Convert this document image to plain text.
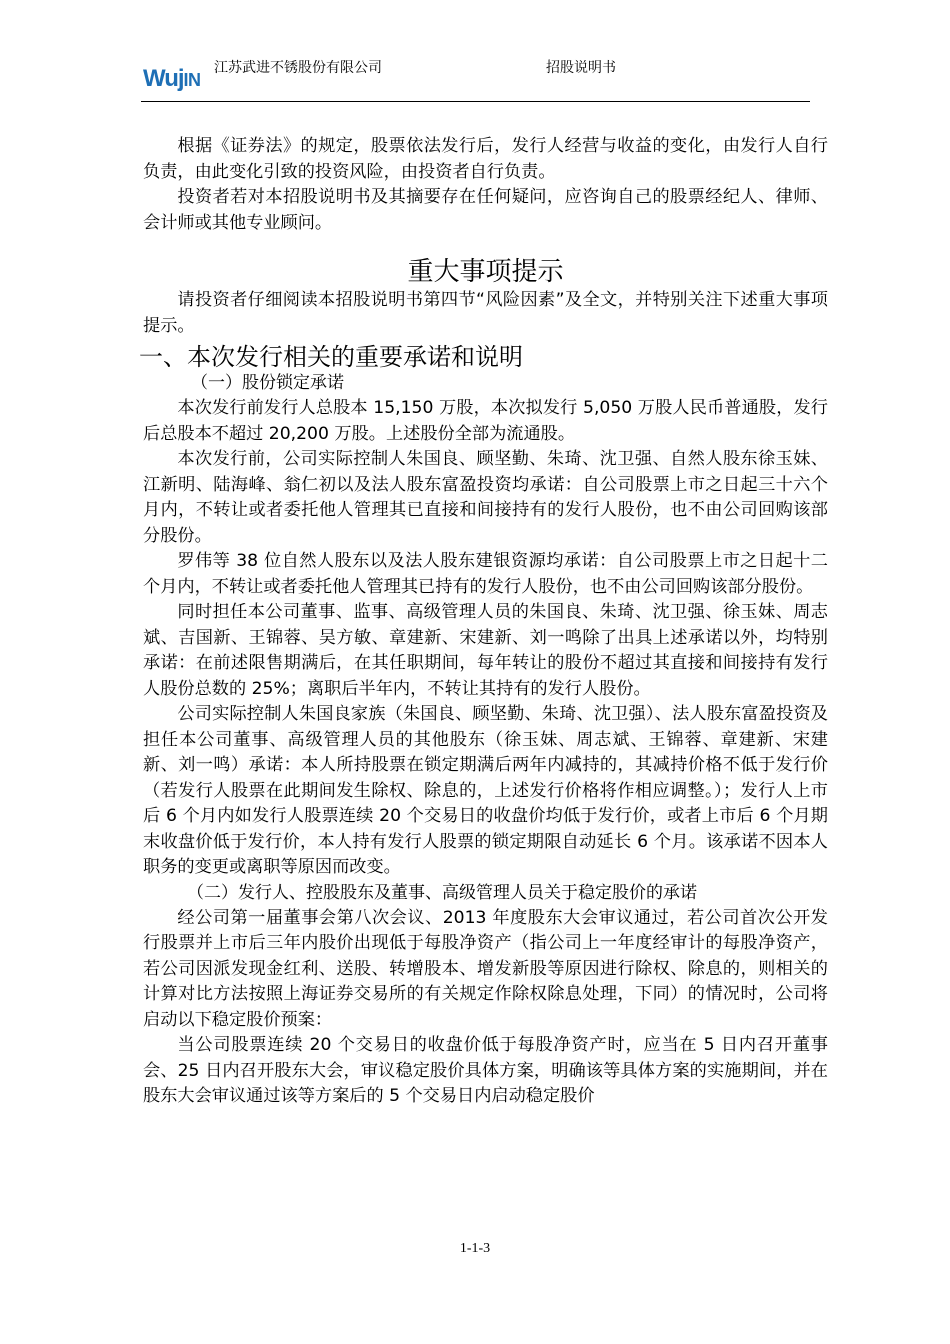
WujIN
江苏武进不锈股份有限公司	招股说明书

根据《证券法》的规定，股票依法发行后，发行人经营与收益的变化，由发行人自行负责，由此变化引致的投资风险，由投资者自行负责。

投资者若对本招股说明书及其摘要存在任何疑问，应咨询自己的股票经纪人、律师、会计师或其他专业顾问。

重大事项提示

请投资者仔细阅读本招股说明书第四节“风险因素”及全文，并特别关注下述重大事项提示。

一、本次发行相关的重要承诺和说明
（一）股份锁定承诺

本次发行前发行人总股本 15,150 万股，本次拟发行 5,050 万股人民币普通股，发行后总股本不超过 20,200 万股。上述股份全部为流通股。

本次发行前，公司实际控制人朱国良、顾坚勤、朱琦、沈卫强、自然人股东徐玉妹、江新明、陆海峰、翁仁初以及法人股东富盈投资均承诺：自公司股票上市之日起三十六个月内，不转让或者委托他人管理其已直接和间接持有的发行人股份，也不由公司回购该部分股份。

罗伟等 38 位自然人股东以及法人股东建银资源均承诺：自公司股票上市之日起十二个月内，不转让或者委托他人管理其已持有的发行人股份，也不由公司回购该部分股份。

同时担任本公司董事、监事、高级管理人员的朱国良、朱琦、沈卫强、徐玉妹、周志斌、吉国新、王锦蓉、吴方敏、章建新、宋建新、刘一鸣除了出具上述承诺以外，均特别承诺：在前述限售期满后，在其任职期间，每年转让的股份不超过其直接和间接持有发行人股份总数的 25%；离职后半年内，不转让其持有的发行人股份。

公司实际控制人朱国良家族（朱国良、顾坚勤、朱琦、沈卫强）、法人股东富盈投资及担任本公司董事、高级管理人员的其他股东（徐玉妹、周志斌、王锦蓉、章建新、宋建新、刘一鸣）承诺：本人所持股票在锁定期满后两年内减持的，其减持价格不低于发行价（若发行人股票在此期间发生除权、除息的，上述发行价格将作相应调整。）；发行人上市后 6 个月内如发行人股票连续 20 个交易日的收盘价均低于发行价，或者上市后 6 个月期末收盘价低于发行价，本人持有发行人股票的锁定期限自动延长 6 个月。该承诺不因本人职务的变更或离职等原因而改变。

（二）发行人、控股股东及董事、高级管理人员关于稳定股价的承诺

经公司第一届董事会第八次会议、2013 年度股东大会审议通过，若公司首次公开发行股票并上市后三年内股价出现低于每股净资产（指公司上一年度经审计的每股净资产，若公司因派发现金红利、送股、转增股本、增发新股等原因进行除权、除息的，则相关的计算对比方法按照上海证券交易所的有关规定作除权除息处理，下同）的情况时，公司将启动以下稳定股价预案：

当公司股票连续 20 个交易日的收盘价低于每股净资产时，应当在 5 日内召开董事会、25 日内召开股东大会，审议稳定股价具体方案，明确该等具体方案的实施期间，并在股东大会审议通过该等方案后的 5 个交易日内启动稳定股价

1-1-3
